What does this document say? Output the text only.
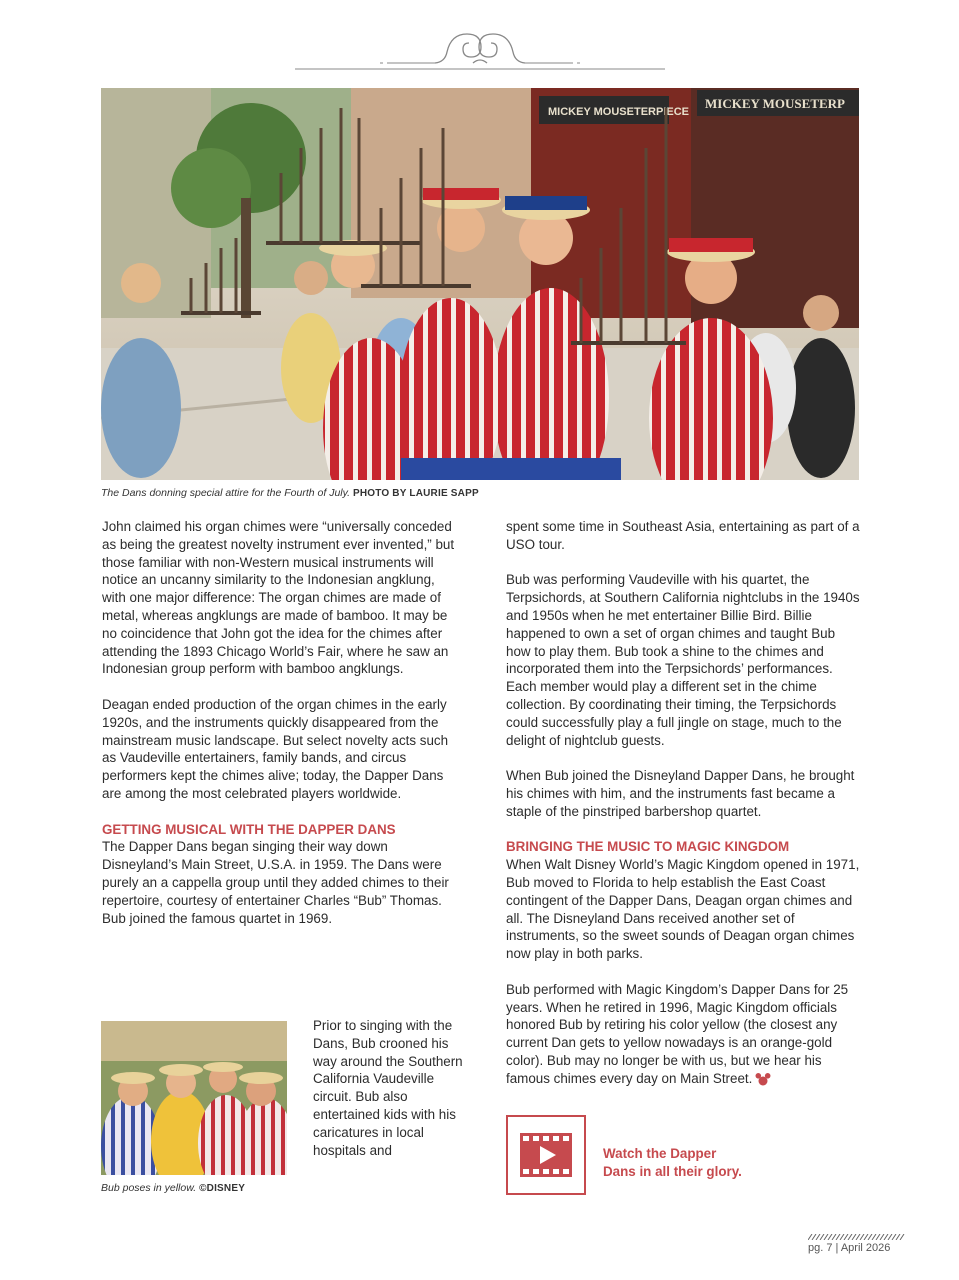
MICKEY MOUSETERPIECE
MICKEY MOUSETERP
The Dans donning special attire for the Fourth of July. PHOTO BY LAURIE SAPP

John claimed his organ chimes were “universally conceded as being the greatest novelty instrument ever invented,” but those familiar with non-Western musical instruments will notice an uncanny similarity to the Indonesian angklung, with one major difference: The organ chimes are made of metal, whereas angklungs are made of bamboo. It may be no coincidence that John got the idea for the chimes after attending the 1893 Chicago World’s Fair, where he saw an Indonesian group perform with bamboo angklungs.

Deagan ended production of the organ chimes in the early 1920s, and the instruments quickly disappeared from the mainstream music landscape. But select novelty acts such as Vaudeville entertainers, family bands, and circus performers kept the chimes alive; today, the Dapper Dans are among the most celebrated players worldwide.

GETTING MUSICAL WITH THE DAPPER DANS

The Dapper Dans began singing their way down Disneyland’s Main Street, U.S.A. in 1959. The Dans were purely an a cappella group until they added chimes to their repertoire, courtesy of entertainer Charles “Bub” Thomas. Bub joined the famous quartet in 1969.

Bub poses in yellow. ©DISNEY
Prior to singing with the Dans, Bub crooned his way around the Southern California Vaudeville circuit. Bub also entertained kids with his caricatures in local hospitals and

spent some time in Southeast Asia, entertaining as part of a USO tour.

Bub was performing Vaudeville with his quartet, the Terpsichords, at Southern California nightclubs in the 1940s and 1950s when he met entertainer Billie Bird. Billie happened to own a set of organ chimes and taught Bub how to play them. Bub took a shine to the chimes and incorporated them into the Terpsichords’ performances. Each member would play a different set in the chime collection. By coordinating their timing, the Terpsichords could successfully play a full jingle on stage, much to the delight of nightclub guests.

When Bub joined the Disneyland Dapper Dans, he brought his chimes with him, and the instruments fast became a staple of the pinstriped barbershop quartet.

BRINGING THE MUSIC TO MAGIC KINGDOM

When Walt Disney World’s Magic Kingdom opened in 1971, Bub moved to Florida to help establish the East Coast contingent of the Dapper Dans, Deagan organ chimes and all. The Disneyland Dans received another set of instruments, so the sweet sounds of Deagan organ chimes now play in both parks.

Bub performed with Magic Kingdom’s Dapper Dans for 25 years. When he retired in 1996, Magic Kingdom officials honored Bub by retiring his color yellow (the closest any current Dan gets to yellow nowadays is an orange-gold color). Bub may no longer be with us, but we hear his famous chimes every day on Main Street.

Watch the Dapper
Dans in all their glory.
pg. 7 | April 2026
